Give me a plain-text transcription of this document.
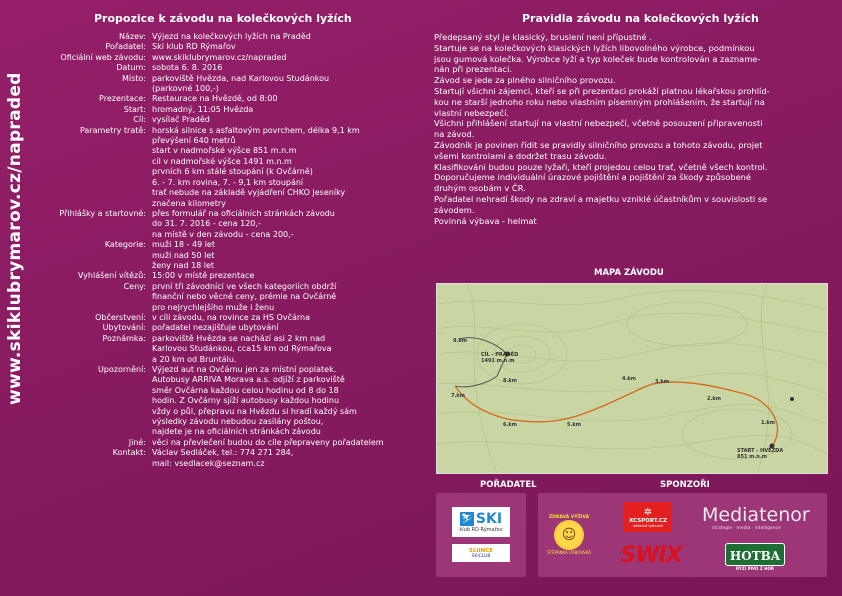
www.skiklubrymarov.cz/napraded
Propozice k závodu na kolečkových lyžích
Název: Výjezd na kolečkových lyžích na Praděd
Pořadatel: Ski klub RD Rýmařov
Oficiální web závodu: www.skiklubrymarov.cz/napraded
Datum: sobota 6. 8. 2016
Místo: parkoviště Hvězda, nad Karlovou Studánkou
(parkovné 100,-)
Prezentace: Restaurace na Hvězdě, od 8:00
Start: hromadný, 11:05 Hvězda
Cíl: vysílač Praděd
Parametry tratě: horská silnice s asfaltovým povrchem, délka 9,1 km
převýšení 640 metrů
start v nadmořské výšce 851 m.n.m
cíl v nadmořské výšce 1491 m.n.m
prvních 6 km stálé stoupání (k Ovčárně)
6. - 7. km rovina, 7. - 9,1 km stoupání
trať nebude na základě vyjádření CHKO Jeseníky
značena kilometry
Přihlášky a startovné: přes formulář na oficiálních stránkách závodu
do 31. 7. 2016 - cena 120,-
na místě v den závodu - cena 200,-
Kategorie: muži 18 - 49 let
muži nad 50 let
ženy nad 18 let
Vyhlášení vítězů: 15:00 v místě prezentace
Ceny: první tři závodníci ve všech kategoriích obdrží
finanční nebo věcné ceny, prémie na Ovčárně
pro nejrychlejšího muže i ženu
Občerstvení: v cíli závodu, na rovince za HS Ovčárna
Ubytování: pořadatel nezajišťuje ubytování
Poznámka: parkoviště Hvězda se nachází asi 2 km nad
Karlovou Studánkou, cca15 km od Rýmařova
a 20 km od Bruntálu.
Upozornění: Výjezd aut na Ovčárnu jen za místní poplatek.
Autobusy ARRIVA Morava a.s. odjíží z parkoviště
směr Ovčárna každou celou hodinu od 8 do 18
hodin. Z Ovčárny sjíží autobusy každou hodinu
vždy o půl, přepravu na Hvězdu si hradí každý sám
výsledky závodu nebudou zasílány poštou,
najdete je na oficiálních stránkách závodu
Jiné: věci na převlečení budou do cíle přepraveny pořadatelem
Kontakt: Václav Sedláček, tel.: 774 271 284,
mail: vsedlacek@seznam.cz
Pravidla závodu na kolečkových lyžích
Předepsaný styl je klasický, bruslení není přípustné .
Startuje se na kolečkových klasických lyžích libovolného výrobce, podmínkou
jsou gumová kolečka. Výrobce lyží a typ koleček bude kontrolován a zazname-
nán při prezentaci.
Závod se jede za plného silničního provozu.
Startují všichni zájemci, kteří se při prezentaci prokáží platnou lékařskou prohlíd-
kou ne starší jednoho roku nebo vlastním písemným prohlášením, že startují na
vlastní nebezpečí.
Všichni přihlášení startují na vlastní nebezpečí, včetně posouzení připravenosti
na závod.
Závodník je povinen řídit se pravidly silničního provozu a tohoto závodu, projet
všemi kontrolami a dodržet trasu závodu.
Klasifikováni budou pouze lyžaři, kteří projedou celou trať, včetně všech kontrol.
Doporučujeme individuální úrazové pojištění a pojištění za škody způsobené
druhým osobám v ČR.
Pořadatel nehradí škody na zdraví a majetku vzniklé účastníkům v souvislosti se
závodem.
Povinná výbava - helmat
MAPA ZÁVODU
9.km
CÍL - PRADĚD 1491 m.n.m
8.km
7.km
6.km	5.km
4.km	3.km
2.km
1.km
START - HVĚZDA 851 m.n.m
POŘADATEL	SPONZOŘI
⛷ SKI
klub RD Rýmařov
SLUNCE
SKICLUB
ZDRAVÁ VÝŽIVA
☺
ŠTĚPÁNKA VRBOVSKÁ
✲
XCSPORT.CZ
běžecké lyžování
SWIX
Mediatenor
strategie · media · intelligence
HOTBA
RYZÍ PIVO Z HOR
